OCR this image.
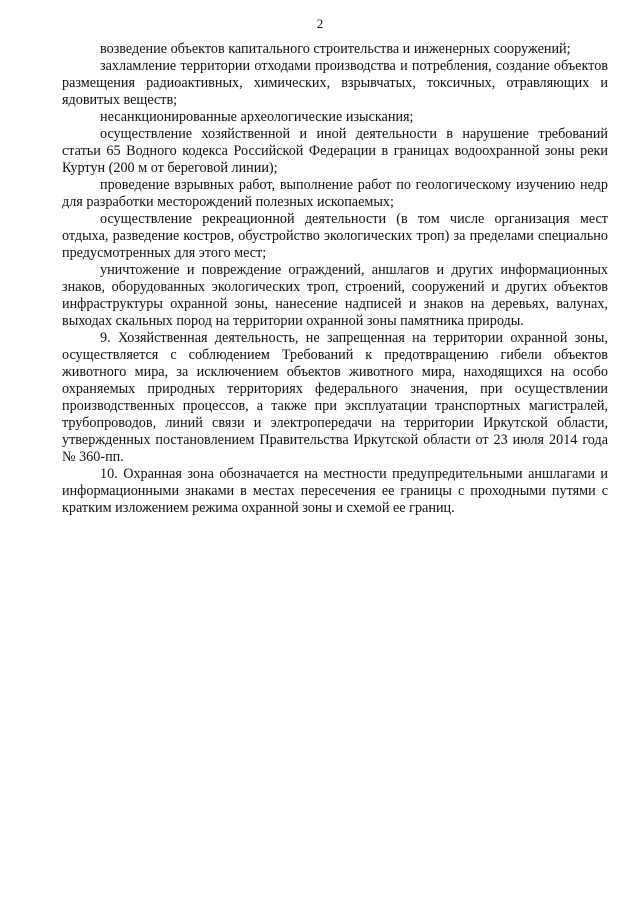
2

возведение объектов капитального строительства и инженерных сооружений;

захламление территории отходами производства и потребления, создание объектов размещения радиоактивных, химических, взрывчатых, токсичных, отравляющих и ядовитых веществ;

несанкционированные археологические изыскания;

осуществление хозяйственной и иной деятельности в нарушение требований статьи 65 Водного кодекса Российской Федерации в границах водоохранной зоны реки Куртун (200 м от береговой линии);

проведение взрывных работ, выполнение работ по геологическому изучению недр для разработки месторождений полезных ископаемых;

осуществление рекреационной деятельности (в том числе организация мест отдыха, разведение костров, обустройство экологических троп) за пределами специально предусмотренных для этого мест;

уничтожение и повреждение ограждений, аншлагов и других информационных знаков, оборудованных экологических троп, строений, сооружений и других объектов инфраструктуры охранной зоны, нанесение надписей и знаков на деревьях, валунах, выходах скальных пород на территории охранной зоны памятника природы.

9. Хозяйственная деятельность, не запрещенная на территории охранной зоны, осуществляется с соблюдением Требований к предотвращению гибели объектов животного мира, за исключением объектов животного мира, находящихся на особо охраняемых природных территориях федерального значения, при осуществлении производственных процессов, а также при эксплуатации транспортных магистралей, трубопроводов, линий связи и электропередачи на территории Иркутской области, утвержденных постановлением Правительства Иркутской области от 23 июля 2014 года № 360-пп.

10. Охранная зона обозначается на местности предупредительными аншлагами и информационными знаками в местах пересечения ее границы с проходными путями с кратким изложением режима охранной зоны и схемой ее границ.
